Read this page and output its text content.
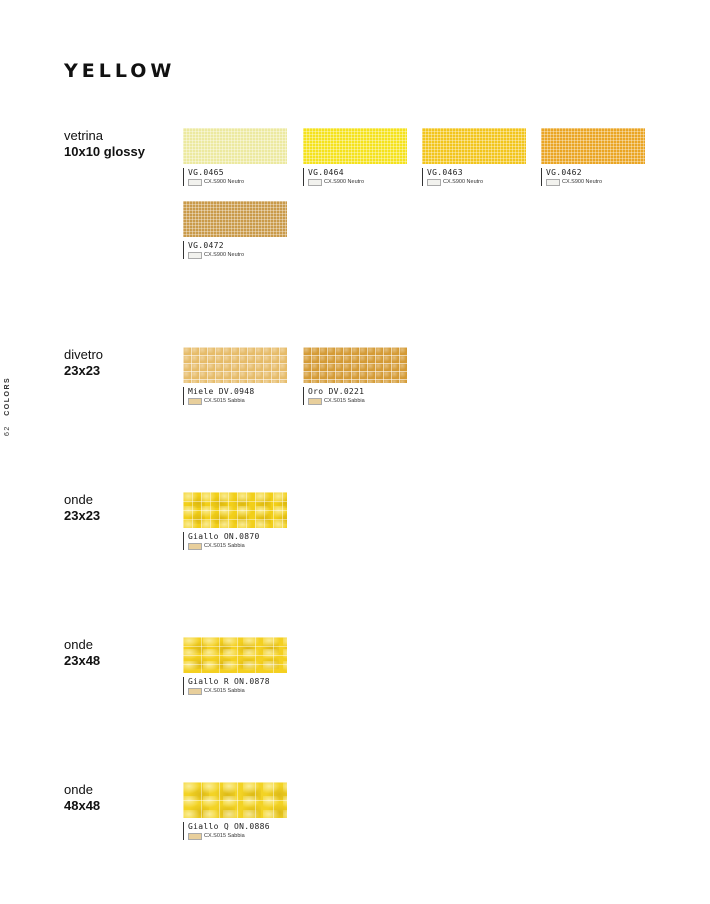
YELLOW
62 COLORS
vetrina
10x10 glossy
VG.0465
CX.S900 Neutro
VG.0464
CX.S900 Neutro
VG.0463
CX.S900 Neutro
VG.0462
CX.S900 Neutro
VG.0472
CX.S900 Neutro
divetro
23x23
Miele DV.0948
CX.S015 Sabbia
Oro DV.0221
CX.S015 Sabbia
onde
23x23
Giallo ON.0870
CX.S015 Sabbia
onde
23x48
Giallo R ON.0878
CX.S015 Sabbia
onde
48x48
Giallo Q ON.0886
CX.S015 Sabbia
